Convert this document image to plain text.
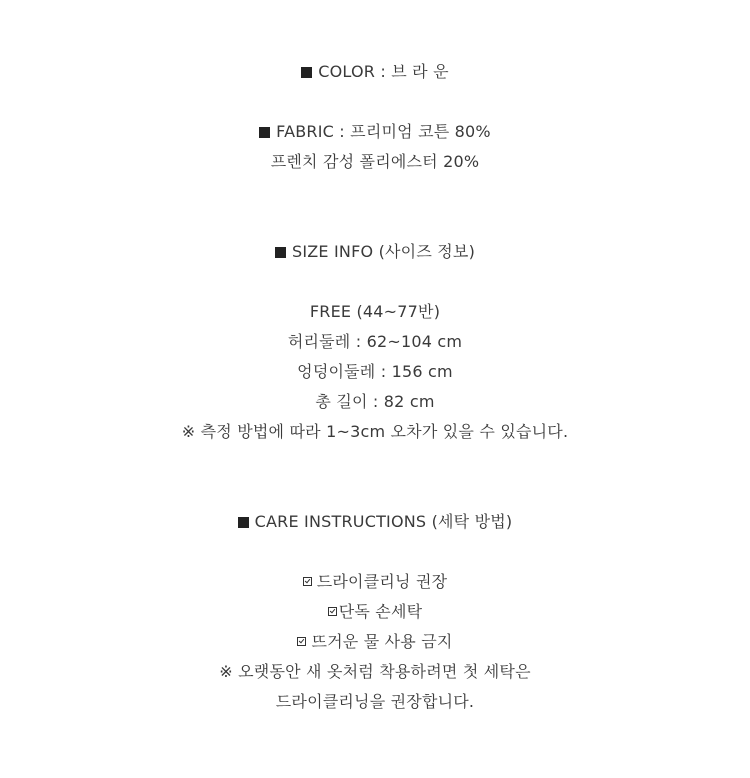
COLOR : 브 라 운
FABRIC : 프리미엄 코튼 80%
프렌치 감성 폴리에스터 20%
SIZE INFO (사이즈 정보)
FREE (44~77반)
허리둘레 : 62~104 cm
엉덩이둘레 : 156 cm
총 길이 : 82 cm
※ 측정 방법에 따라 1~3cm 오차가 있을 수 있습니다.
CARE INSTRUCTIONS (세탁 방법)
드라이클리닝 권장
단독 손세탁
뜨거운 물 사용 금지
※ 오랫동안 새 옷처럼 착용하려면 첫 세탁은
드라이클리닝을 권장합니다.
